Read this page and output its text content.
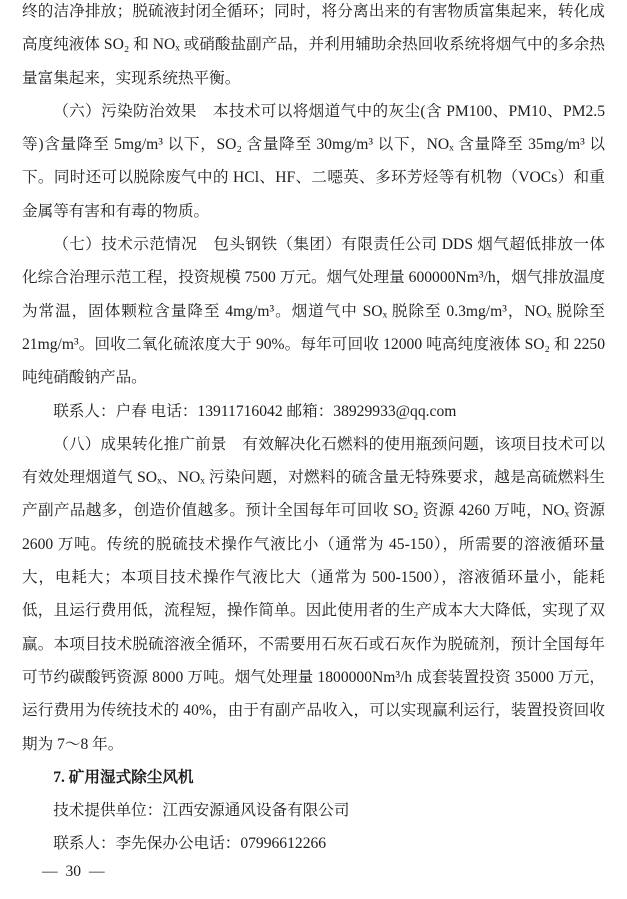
终的洁净排放；脱硫液封闭全循环；同时，将分离出来的有害物质富集起来，转化成高度纯液体 SO₂ 和 NOₓ 或硝酸盐副产品，并利用辅助余热回收系统将烟气中的多余热量富集起来，实现系统热平衡。

（六）污染防治效果　本技术可以将烟道气中的灰尘(含 PM100、PM10、PM2.5 等)含量降至 5mg/m³ 以下，SO₂ 含量降至 30mg/m³ 以下，NOₓ 含量降至 35mg/m³ 以下。同时还可以脱除废气中的 HCl、HF、二噁英、多环芳烃等有机物（VOCs）和重金属等有害和有毒的物质。

（七）技术示范情况　包头钢铁（集团）有限责任公司 DDS 烟气超低排放一体化综合治理示范工程，投资规模 7500 万元。烟气处理量 600000Nm³/h，烟气排放温度为常温，固体颗粒含量降至 4mg/m³。烟道气中 SOₓ 脱除至 0.3mg/m³，NOₓ 脱除至 21mg/m³。回收二氧化硫浓度大于 90%。每年可回收 12000 吨高纯度液体 SO₂ 和 2250 吨纯硝酸钠产品。

联系人：户春 电话：13911716042 邮箱：38929933@qq.com

（八）成果转化推广前景　有效解决化石燃料的使用瓶颈问题，该项目技术可以有效处理烟道气 SOₓ、NOₓ 污染问题，对燃料的硫含量无特殊要求，越是高硫燃料生产副产品越多，创造价值越多。预计全国每年可回收 SO₂ 资源 4260 万吨，NOₓ 资源 2600 万吨。传统的脱硫技术操作气液比小（通常为 45-150），所需要的溶液循环量大，电耗大；本项目技术操作气液比大（通常为 500-1500），溶液循环量小，能耗低，且运行费用低，流程短，操作简单。因此使用者的生产成本大大降低，实现了双赢。本项目技术脱硫溶液全循环，不需要用石灰石或石灰作为脱硫剂，预计全国每年可节约碳酸钙资源 8000 万吨。烟气处理量 1800000Nm³/h 成套装置投资 35000 万元，运行费用为传统技术的 40%，由于有副产品收入，可以实现赢利运行，装置投资回收期为 7～8 年。

7. 矿用湿式除尘风机

技术提供单位：江西安源通风设备有限公司

联系人：李先保办公电话：07996612266

— 30 —
